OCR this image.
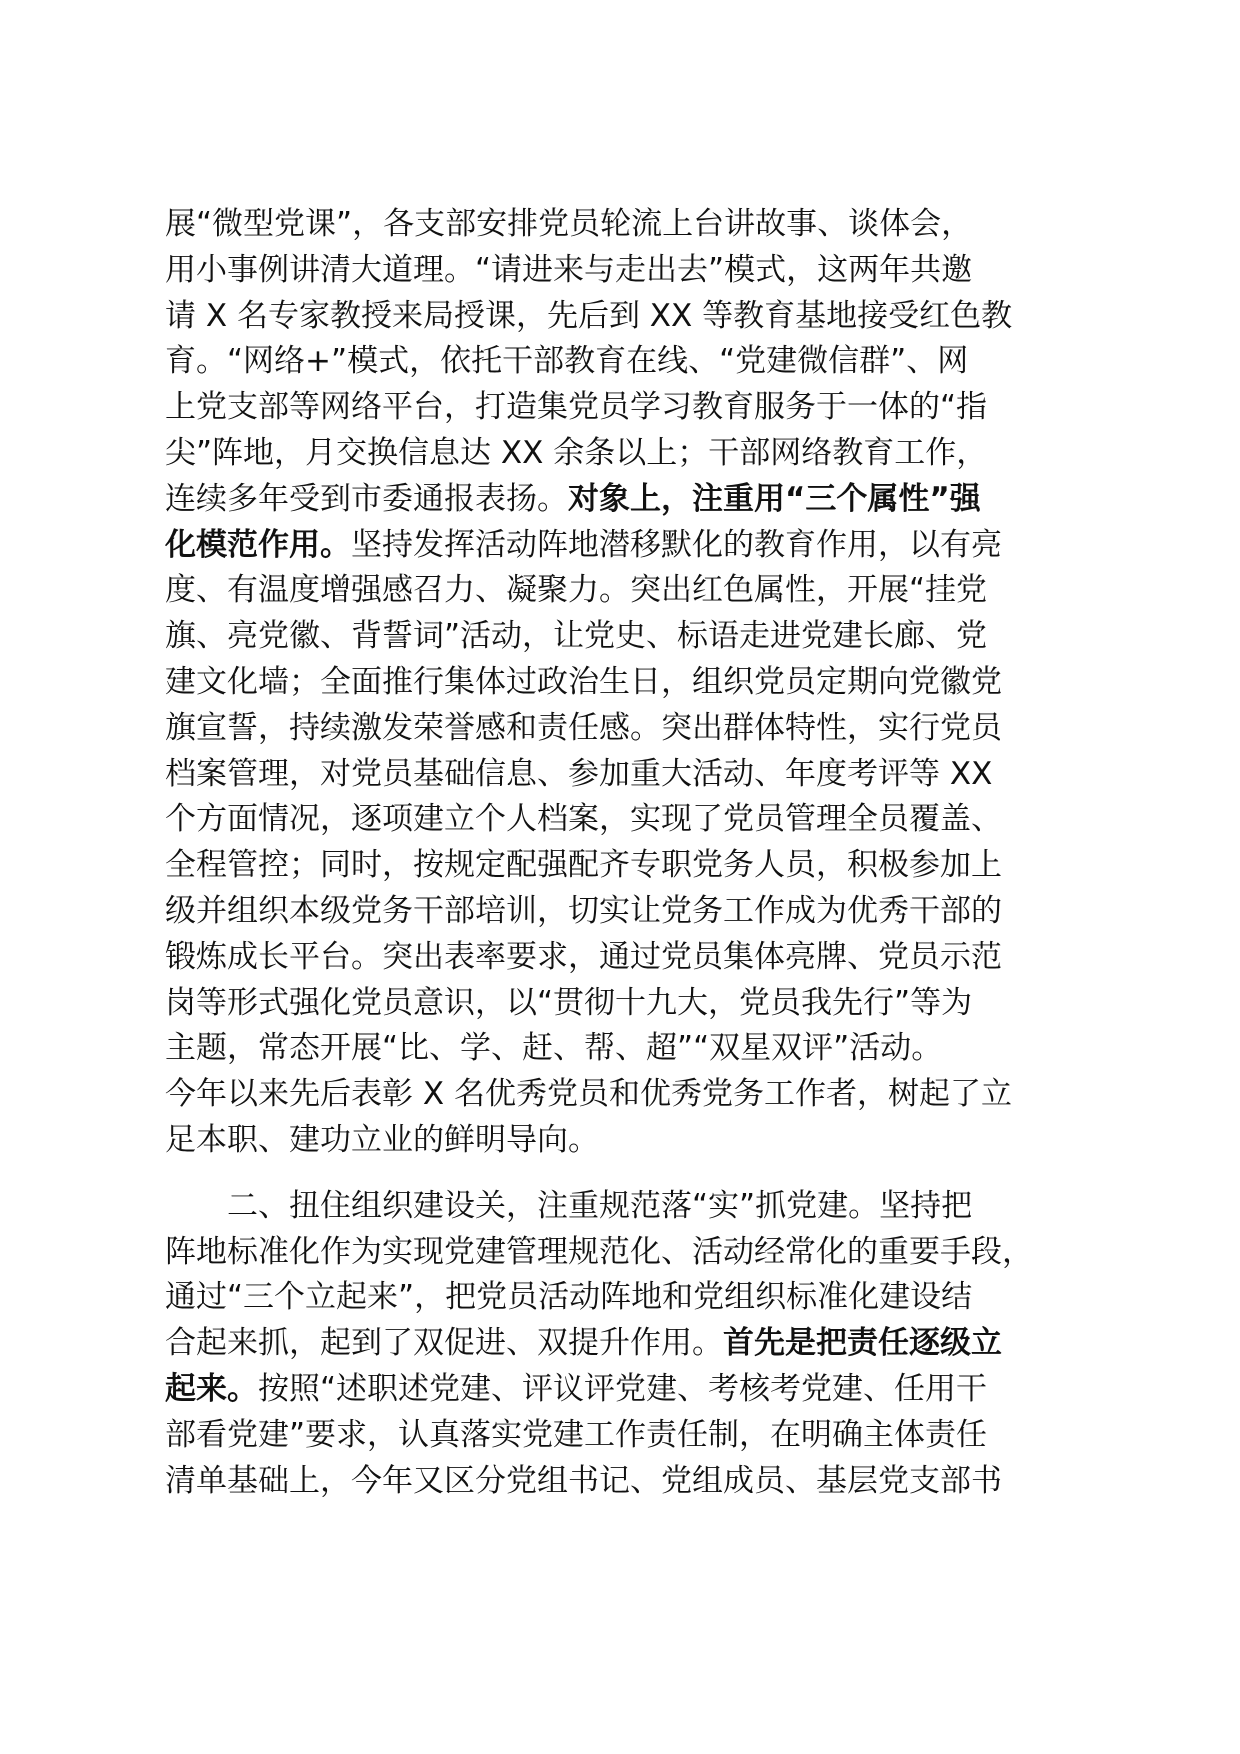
展“微型党课”，各支部安排党员轮流上台讲故事、谈体会，
用小事例讲清大道理。“请进来与走出去”模式，这两年共邀
请 X 名专家教授来局授课，先后到 XX 等教育基地接受红色教
育。“网络+”模式，依托干部教育在线、“党建微信群”、网
上党支部等网络平台，打造集党员学习教育服务于一体的“指
尖”阵地，月交换信息达 XX 余条以上；干部网络教育工作，
连续多年受到市委通报表扬。对象上，注重用“三个属性”强
化模范作用。坚持发挥活动阵地潜移默化的教育作用，以有亮
度、有温度增强感召力、凝聚力。突出红色属性，开展“挂党
旗、亮党徽、背誓词”活动，让党史、标语走进党建长廊、党
建文化墙；全面推行集体过政治生日，组织党员定期向党徽党
旗宣誓，持续激发荣誉感和责任感。突出群体特性，实行党员
档案管理，对党员基础信息、参加重大活动、年度考评等 XX
个方面情况，逐项建立个人档案，实现了党员管理全员覆盖、
全程管控；同时，按规定配强配齐专职党务人员，积极参加上
级并组织本级党务干部培训，切实让党务工作成为优秀干部的
锻炼成长平台。突出表率要求，通过党员集体亮牌、党员示范
岗等形式强化党员意识，以“贯彻十九大，党员我先行”等为
主题，常态开展“比、学、赶、帮、超”“双星双评”活动。
今年以来先后表彰 X 名优秀党员和优秀党务工作者，树起了立
足本职、建功立业的鲜明导向。
二、扭住组织建设关，注重规范落“实”抓党建。坚持把
阵地标准化作为实现党建管理规范化、活动经常化的重要手段，
通过“三个立起来”，把党员活动阵地和党组织标准化建设结
合起来抓，起到了双促进、双提升作用。首先是把责任逐级立
起来。按照“述职述党建、评议评党建、考核考党建、任用干
部看党建”要求，认真落实党建工作责任制，在明确主体责任
清单基础上，今年又区分党组书记、党组成员、基层党支部书
